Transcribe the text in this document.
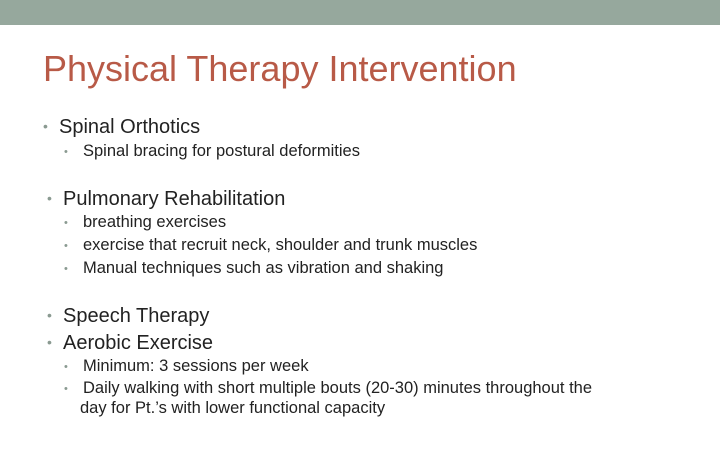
Physical Therapy Intervention
• Spinal Orthotics
• Spinal bracing for postural deformities
• Pulmonary Rehabilitation
• breathing exercises
• exercise that recruit neck, shoulder and trunk muscles
• Manual techniques such as vibration and shaking
• Speech Therapy
• Aerobic Exercise
• Minimum: 3 sessions per week
• Daily walking with short multiple bouts (20-30) minutes throughout the
day for Pt.’s with lower functional capacity
